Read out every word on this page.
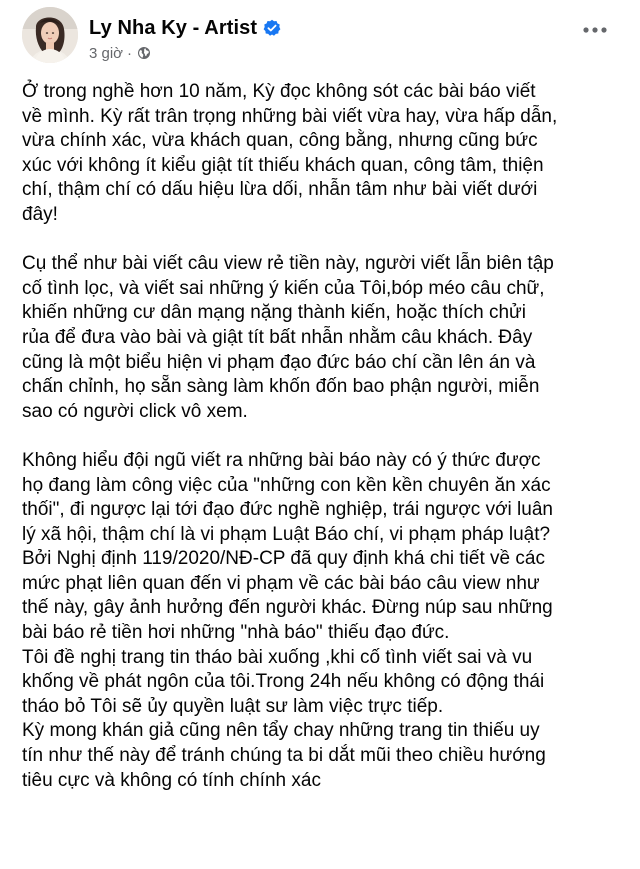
Ly Nha Ky - Artist
3 giờ ·

Ở trong nghề hơn 10 năm, Kỳ đọc không sót các bài báo viết
về mình. Kỳ rất trân trọng những bài viết vừa hay, vừa hấp dẫn,
vừa chính xác, vừa khách quan, công bằng, nhưng cũng bức
xúc với không ít kiểu giật tít thiếu khách quan, công tâm, thiện
chí, thậm chí có dấu hiệu lừa dối, nhẫn tâm như bài viết dưới
đây!

Cụ thể như bài viết câu view rẻ tiền này, người viết lẫn biên tập
cố tình lọc, và viết sai những ý kiến của Tôi,bóp méo câu chữ,
khiến những cư dân mạng nặng thành kiến, hoặc thích chửi
rủa để đưa vào bài và giật tít bất nhẫn nhằm câu khách. Đây
cũng là một biểu hiện vi phạm đạo đức báo chí cần lên án và
chấn chỉnh, họ sẵn sàng làm khốn đốn bao phận người, miễn
sao có người click vô xem.

Không hiểu đội ngũ viết ra những bài báo này có ý thức được
họ đang làm công việc của "những con kền kền chuyên ăn xác
thối", đi ngược lại tới đạo đức nghề nghiệp, trái ngược với luân
lý xã hội, thậm chí là vi phạm Luật Báo chí, vi phạm pháp luật?
Bởi Nghị định 119/2020/NĐ-CP đã quy định khá chi tiết về các
mức phạt liên quan đến vi phạm về các bài báo câu view như
thế này, gây ảnh hưởng đến người khác. Đừng núp sau những
bài báo rẻ tiền hơi những "nhà báo" thiếu đạo đức.
Tôi đề nghị trang tin tháo bài xuống ,khi cố tình viết sai và vu
khống về phát ngôn của tôi.Trong 24h nếu không có động thái
tháo bỏ Tôi sẽ ủy quyền luật sư làm việc trực tiếp.
Kỳ mong khán giả cũng nên tẩy chay những trang tin thiếu uy
tín như thế này để tránh chúng ta bi dắt mũi theo chiều hướng
tiêu cực và không có tính chính xác
